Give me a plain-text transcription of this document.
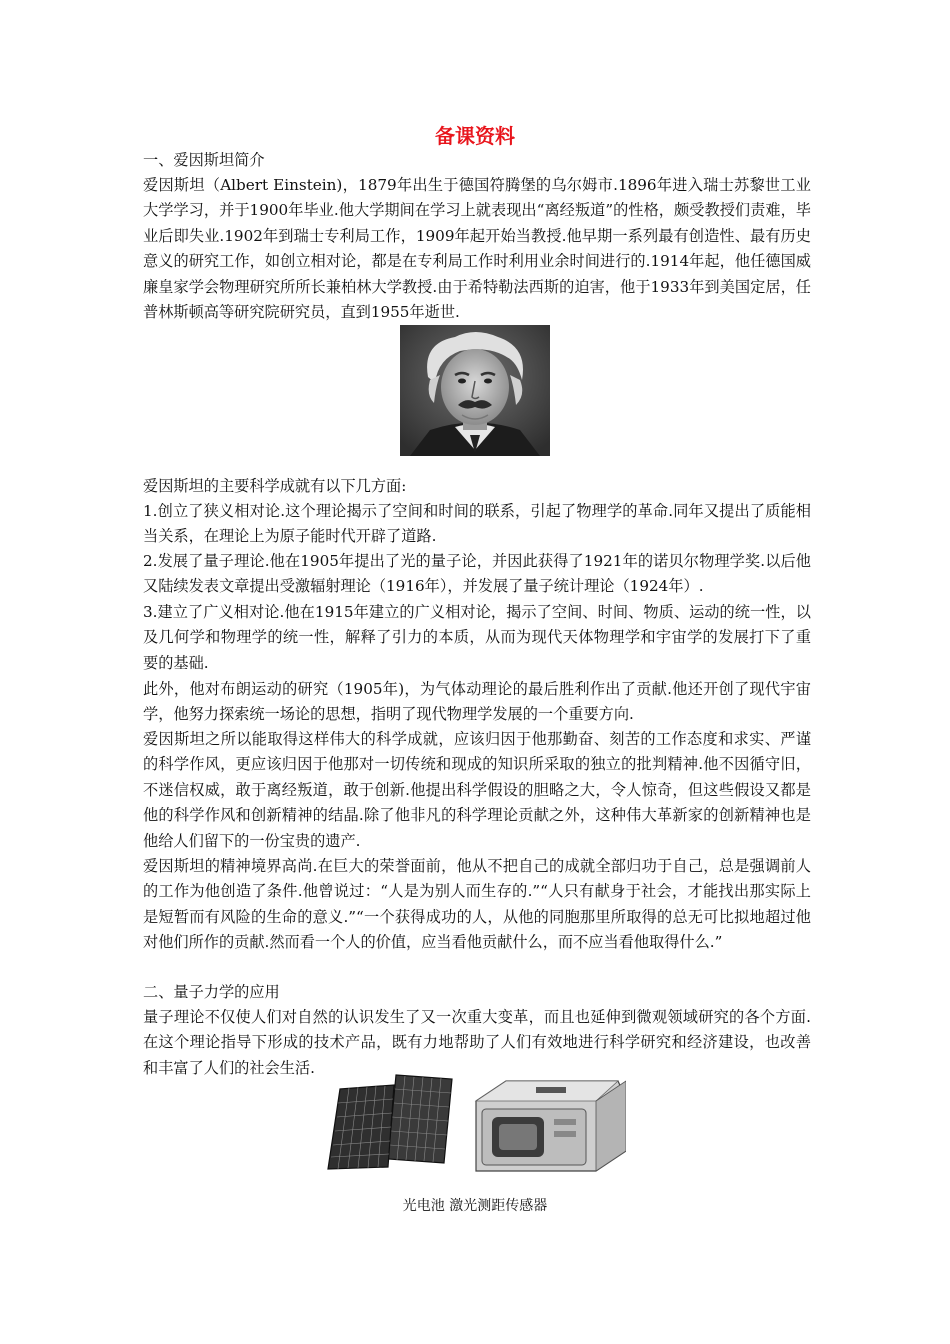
备课资料
一、爱因斯坦简介
爱因斯坦（Albert Einstein)，1879年出生于德国符腾堡的乌尔姆市.1896年进入瑞士苏黎世工业大学学习，并于1900年毕业.他大学期间在学习上就表现出“离经叛道”的性格，颇受教授们责难，毕业后即失业.1902年到瑞士专利局工作，1909年起开始当教授.他早期一系列最有创造性、最有历史意义的研究工作，如创立相对论，都是在专利局工作时利用业余时间进行的.1914年起，他任德国威廉皇家学会物理研究所所长兼柏林大学教授.由于希特勒法西斯的迫害，他于1933年到美国定居，任普林斯顿高等研究院研究员，直到1955年逝世.
爱因斯坦的主要科学成就有以下几方面:
1.创立了狭义相对论.这个理论揭示了空间和时间的联系，引起了物理学的革命.同年又提出了质能相当关系，在理论上为原子能时代开辟了道路.
2.发展了量子理论.他在1905年提出了光的量子论，并因此获得了1921年的诺贝尔物理学奖.以后他又陆续发表文章提出受激辐射理论（1916年），并发展了量子统计理论（1924年）.
3.建立了广义相对论.他在1915年建立的广义相对论，揭示了空间、时间、物质、运动的统一性，以及几何学和物理学的统一性，解释了引力的本质，从而为现代天体物理学和宇宙学的发展打下了重要的基础.
此外，他对布朗运动的研究（1905年)，为气体动理论的最后胜利作出了贡献.他还开创了现代宇宙学，他努力探索统一场论的思想，指明了现代物理学发展的一个重要方向.
爱因斯坦之所以能取得这样伟大的科学成就，应该归因于他那勤奋、刻苦的工作态度和求实、严谨的科学作风，更应该归因于他那对一切传统和现成的知识所采取的独立的批判精神.他不因循守旧，不迷信权威，敢于离经叛道，敢于创新.他提出科学假设的胆略之大，令人惊奇，但这些假设又都是他的科学作风和创新精神的结晶.除了他非凡的科学理论贡献之外，这种伟大革新家的创新精神也是他给人们留下的一份宝贵的遗产.
爱因斯坦的精神境界高尚.在巨大的荣誉面前，他从不把自己的成就全部归功于自己，总是强调前人的工作为他创造了条件.他曾说过：“人是为别人而生存的.”“人只有献身于社会，才能找出那实际上是短暂而有风险的生命的意义.”“一个获得成功的人，从他的同胞那里所取得的总无可比拟地超过他对他们所作的贡献.然而看一个人的价值，应当看他贡献什么，而不应当看他取得什么.”
二、量子力学的应用
量子理论不仅使人们对自然的认识发生了又一次重大变革，而且也延伸到微观领域研究的各个方面.在这个理论指导下形成的技术产品，既有力地帮助了人们有效地进行科学研究和经济建设，也改善和丰富了人们的社会生活.
光电池 激光测距传感器
